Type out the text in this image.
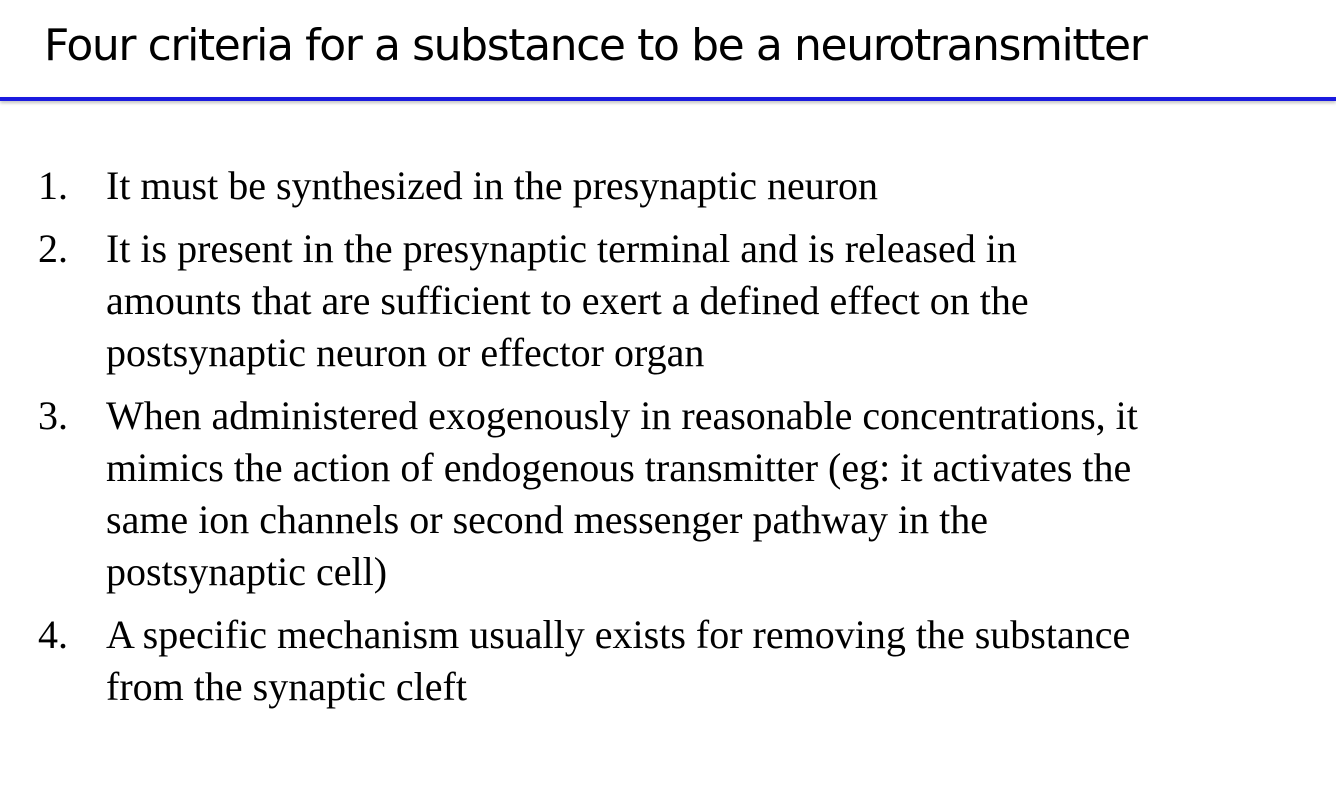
Four criteria for a substance to be a neurotransmitter
1. It must be synthesized in the presynaptic neuron
2. It is present in the presynaptic terminal and is released in
amounts that are sufficient to exert a defined effect on the
postsynaptic neuron or effector organ
3. When administered exogenously in reasonable concentrations, it
mimics the action of endogenous transmitter (eg: it activates the
same ion channels or second messenger pathway in the
postsynaptic cell)
4. A specific mechanism usually exists for removing the substance
from the synaptic cleft
